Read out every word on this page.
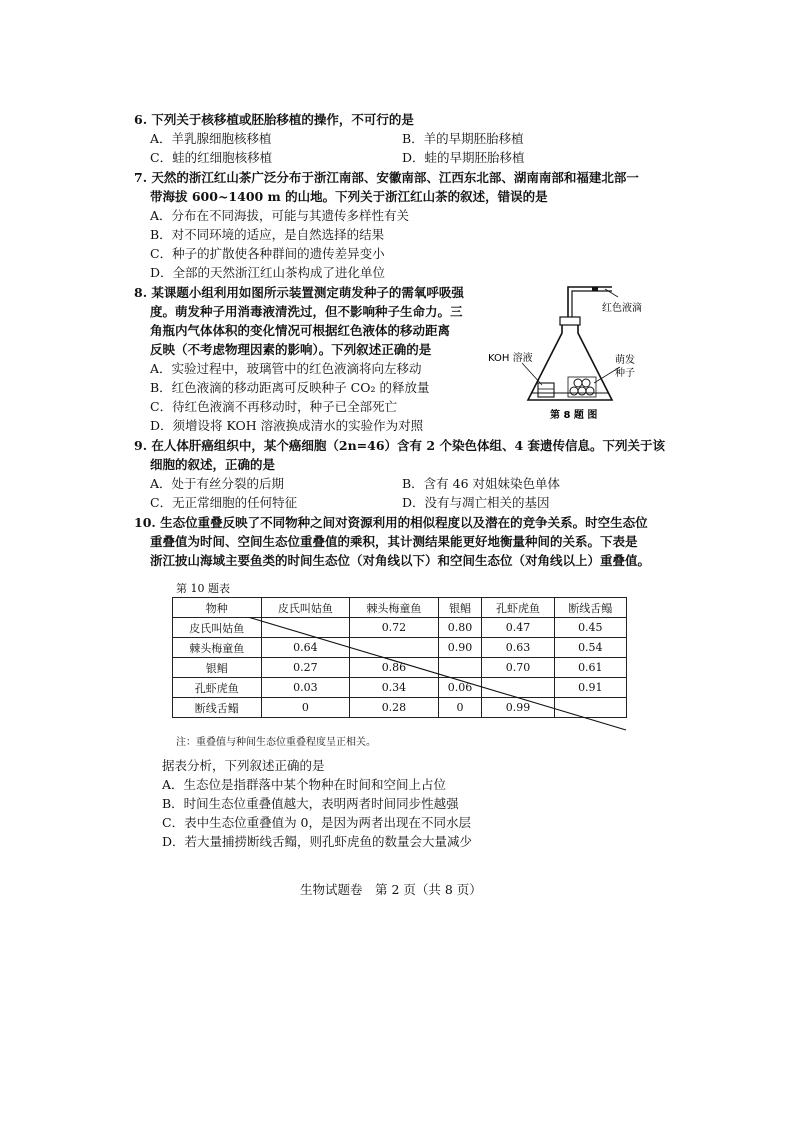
6. 下列关于核移植或胚胎移植的操作，不可行的是
A．羊乳腺细胞核移植	B．羊的早期胚胎移植
C．蛙的红细胞核移植	D．蛙的早期胚胎移植
7. 天然的浙江红山茶广泛分布于浙江南部、安徽南部、江西东北部、湖南南部和福建北部一
带海拔 600~1400 m 的山地。下列关于浙江红山茶的叙述，错误的是
A．分布在不同海拔，可能与其遗传多样性有关
B．对不同环境的适应，是自然选择的结果
C．种子的扩散使各种群间的遗传差异变小
D．全部的天然浙江红山茶构成了进化单位
8. 某课题小组利用如图所示装置测定萌发种子的需氧呼吸强
度。萌发种子用消毒液清洗过，但不影响种子生命力。三
角瓶内气体体积的变化情况可根据红色液体的移动距离
反映（不考虑物理因素的影响）。下列叙述正确的是
A．实验过程中，玻璃管中的红色液滴将向左移动
B．红色液滴的移动距离可反映种子 CO₂ 的释放量
C．待红色液滴不再移动时，种子已全部死亡
D．须增设将 KOH 溶液换成清水的实验作为对照
红色液滴
KOH 溶液	萌发
种子
第 8 题 图
9. 在人体肝癌组织中，某个癌细胞（2n=46）含有 2 个染色体组、4 套遗传信息。下列关于该
细胞的叙述，正确的是
A．处于有丝分裂的后期	B．含有 46 对姐妹染色单体
C．无正常细胞的任何特征	D．没有与凋亡相关的基因
10. 生态位重叠反映了不同物种之间对资源利用的相似程度以及潜在的竞争关系。时空生态位
重叠值为时间、空间生态位重叠值的乘积，其计测结果能更好地衡量种间的关系。下表是
浙江披山海域主要鱼类的时间生态位（对角线以下）和空间生态位（对角线以上）重叠值。
第 10 题表
物种	皮氏叫姑鱼	棘头梅童鱼	银鲳	孔虾虎鱼	断线舌鳎
皮氏叫姑鱼		0.72	0.80	0.47	0.45
棘头梅童鱼	0.64		0.90	0.63	0.54
银鲳	0.27	0.86		0.70	0.61
孔虾虎鱼	0.03	0.34	0.06		0.91
断线舌鳎	0	0.28	0	0.99	
注：重叠值与种间生态位重叠程度呈正相关。
据表分析，下列叙述正确的是
A．生态位是指群落中某个物种在时间和空间上占位
B．时间生态位重叠值越大，表明两者时间同步性越强
C．表中生态位重叠值为 0，是因为两者出现在不同水层
D．若大量捕捞断线舌鳎，则孔虾虎鱼的数量会大量减少
生物试题卷　第 2 页（共 8 页）
